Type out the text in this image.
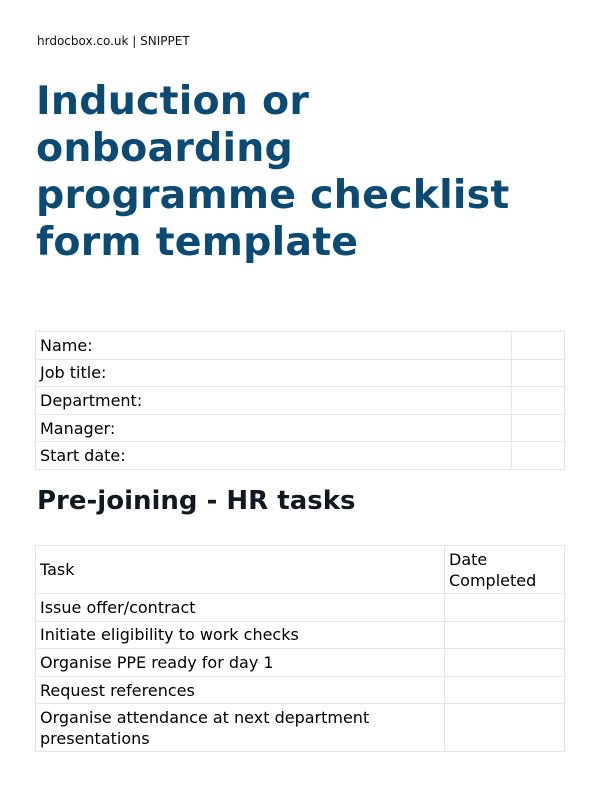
hrdocbox.co.uk | SNIPPET
Induction or onboarding programme checklist form template
Name:	
Job title:	
Department:	
Manager:	
Start date:	
Pre-joining - HR tasks
Task	Date Completed
Issue offer/contract	
Initiate eligibility to work checks	
Organise PPE ready for day 1	
Request references	
Organise attendance at next department presentations	
